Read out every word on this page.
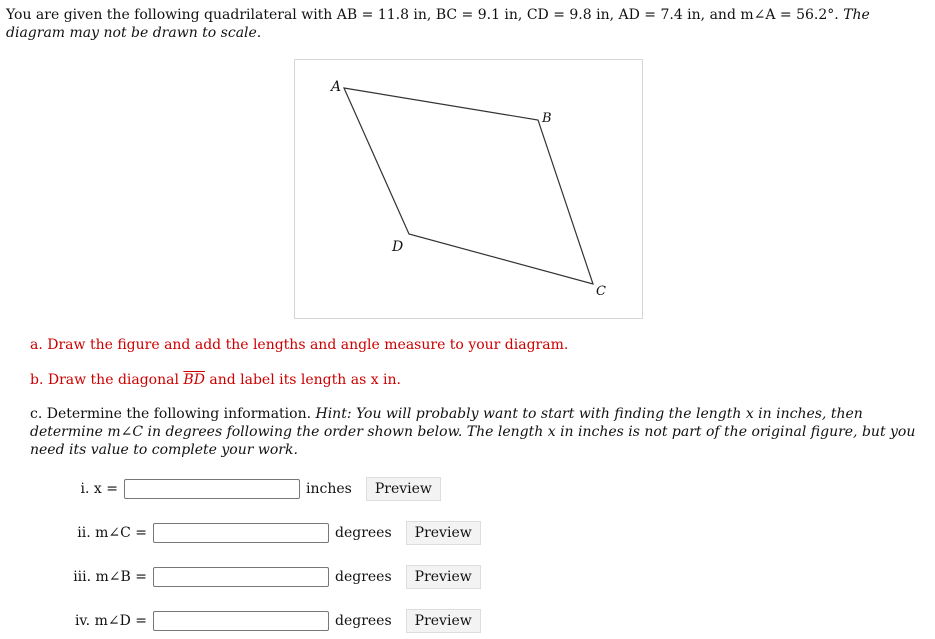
You are given the following quadrilateral with AB = 11.8 in, BC = 9.1 in, CD = 9.8 in, AD = 7.4 in, and m∠A = 56.2°. The diagram may not be drawn to scale.
A
B
C
D
a. Draw the figure and add the lengths and angle measure to your diagram.
b. Draw the diagonal $\overline{BD}$ and label its length as x in.
c. Determine the following information. Hint: You will probably want to start with finding the length x in inches, then determine m∠C in degrees following the order shown below. The length x in inches is not part of the original figure, but you need its value to complete your work.
i. x =	inches	Preview
ii. m∠C =	degrees	Preview
iii. m∠B =	degrees	Preview
iv. m∠D =	degrees	Preview
